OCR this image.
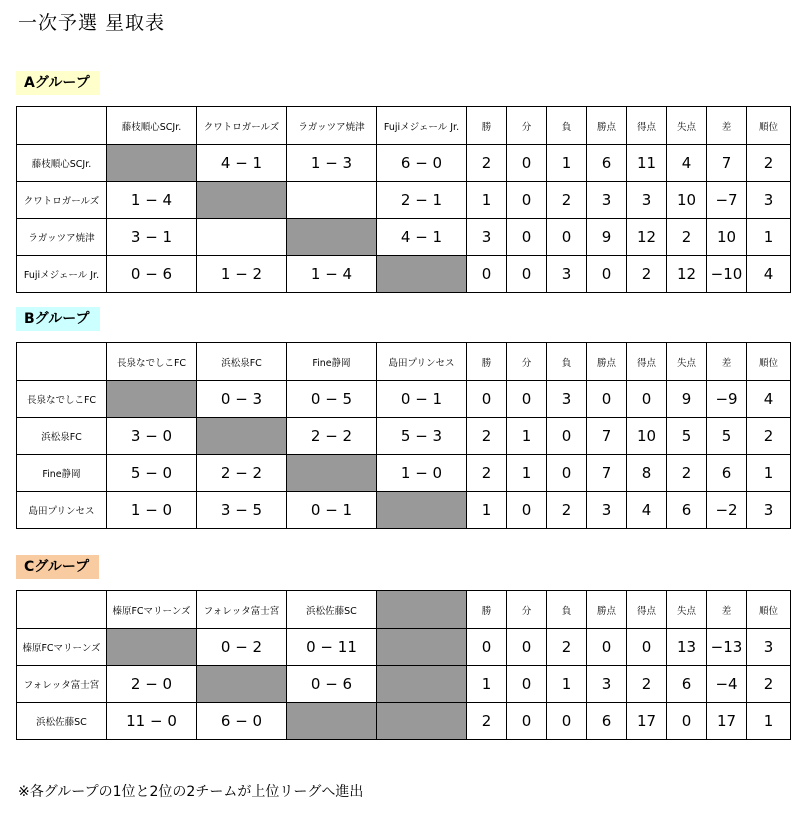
一次予選 星取表
Aグループ
	藤枝順心SCJr.	クワトロガールズ	ラガッツア焼津	Fujiメジェール Jr.	勝	分	負	勝点	得点	失点	差	順位
藤枝順心SCJr.		4 − 1	1 − 3	6 − 0	2	0	1	6	11	4	7	2
クワトロガールズ	1 − 4			2 − 1	1	0	2	3	3	10	−7	3
ラガッツア焼津	3 − 1			4 − 1	3	0	0	9	12	2	10	1
Fujiメジェール Jr.	0 − 6	1 − 2	1 − 4		0	0	3	0	2	12	−10	4
Bグループ
	長泉なでしこFC	浜松泉FC	Fine静岡	島田プリンセス	勝	分	負	勝点	得点	失点	差	順位
長泉なでしこFC		0 − 3	0 − 5	0 − 1	0	0	3	0	0	9	−9	4
浜松泉FC	3 − 0		2 − 2	5 − 3	2	1	0	7	10	5	5	2
Fine静岡	5 − 0	2 − 2		1 − 0	2	1	0	7	8	2	6	1
島田プリンセス	1 − 0	3 − 5	0 − 1		1	0	2	3	4	6	−2	3
Cグループ
	榛原FCマリーンズ	フォレッタ富士宮	浜松佐藤SC		勝	分	負	勝点	得点	失点	差	順位
榛原FCマリーンズ		0 − 2	0 − 11		0	0	2	0	0	13	−13	3
フォレッタ富士宮	2 − 0		0 − 6		1	0	1	3	2	6	−4	2
浜松佐藤SC	11 − 0	6 − 0			2	0	0	6	17	0	17	1
※各グループの1位と2位の2チームが上位リーグへ進出
